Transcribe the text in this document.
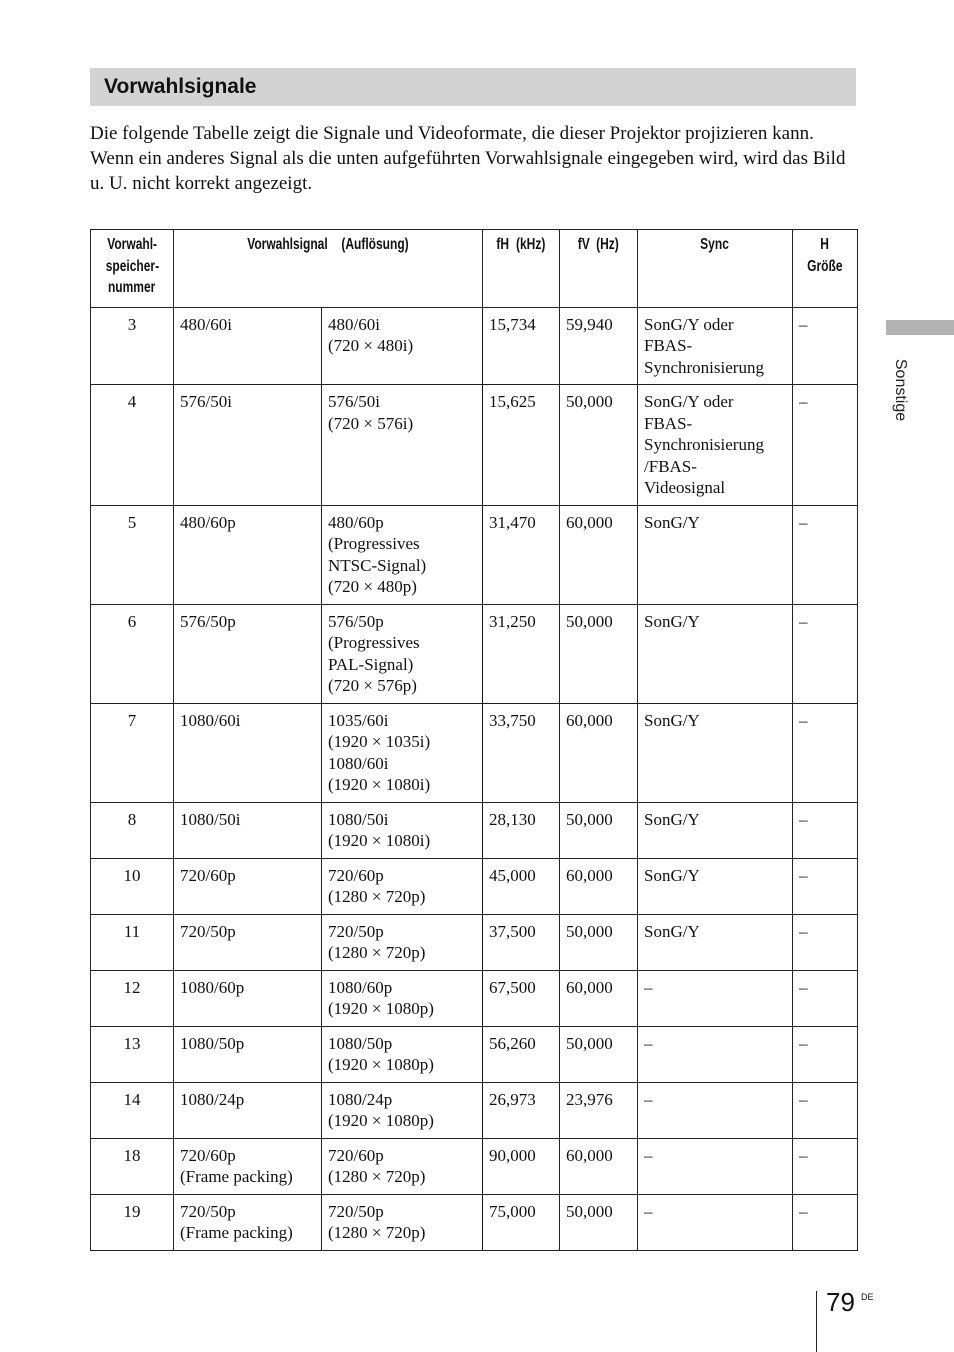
Vorwahlsignale

Die folgende Tabelle zeigt die Signale und Videoformate, die dieser Projektor projizieren kann.

Wenn ein anderes Signal als die unten aufgeführten Vorwahlsignale eingegeben wird, wird das Bild u. U. nicht korrekt angezeigt.

Vorwahl- speicher- nummer	Vorwahlsignal (Auflösung)		fH (kHz)	fV (Hz)	Sync	H Größe
3	480/60i	480/60i
(720 × 480i)	15,734	59,940	SonG/Y oder
FBAS-
Synchronisierung	–
4	576/50i	576/50i
(720 × 576i)	15,625	50,000	SonG/Y oder
FBAS-
Synchronisierung
/FBAS-
Videosignal	–
5	480/60p	480/60p
(Progressives
NTSC-Signal)
(720 × 480p)	31,470	60,000	SonG/Y	–
6	576/50p	576/50p
(Progressives
PAL-Signal)
(720 × 576p)	31,250	50,000	SonG/Y	–
7	1080/60i	1035/60i
(1920 × 1035i)
1080/60i
(1920 × 1080i)	33,750	60,000	SonG/Y	–
8	1080/50i	1080/50i
(1920 × 1080i)	28,130	50,000	SonG/Y	–
10	720/60p	720/60p
(1280 × 720p)	45,000	60,000	SonG/Y	–
11	720/50p	720/50p
(1280 × 720p)	37,500	50,000	SonG/Y	–
12	1080/60p	1080/60p
(1920 × 1080p)	67,500	60,000	–	–
13	1080/50p	1080/50p
(1920 × 1080p)	56,260	50,000	–	–
14	1080/24p	1080/24p
(1920 × 1080p)	26,973	23,976	–	–
18	720/60p
(Frame packing)	720/60p
(1280 × 720p)	90,000	60,000	–	–
19	720/50p
(Frame packing)	720/50p
(1280 × 720p)	75,000	50,000	–	–
Sonstige
79 DE
